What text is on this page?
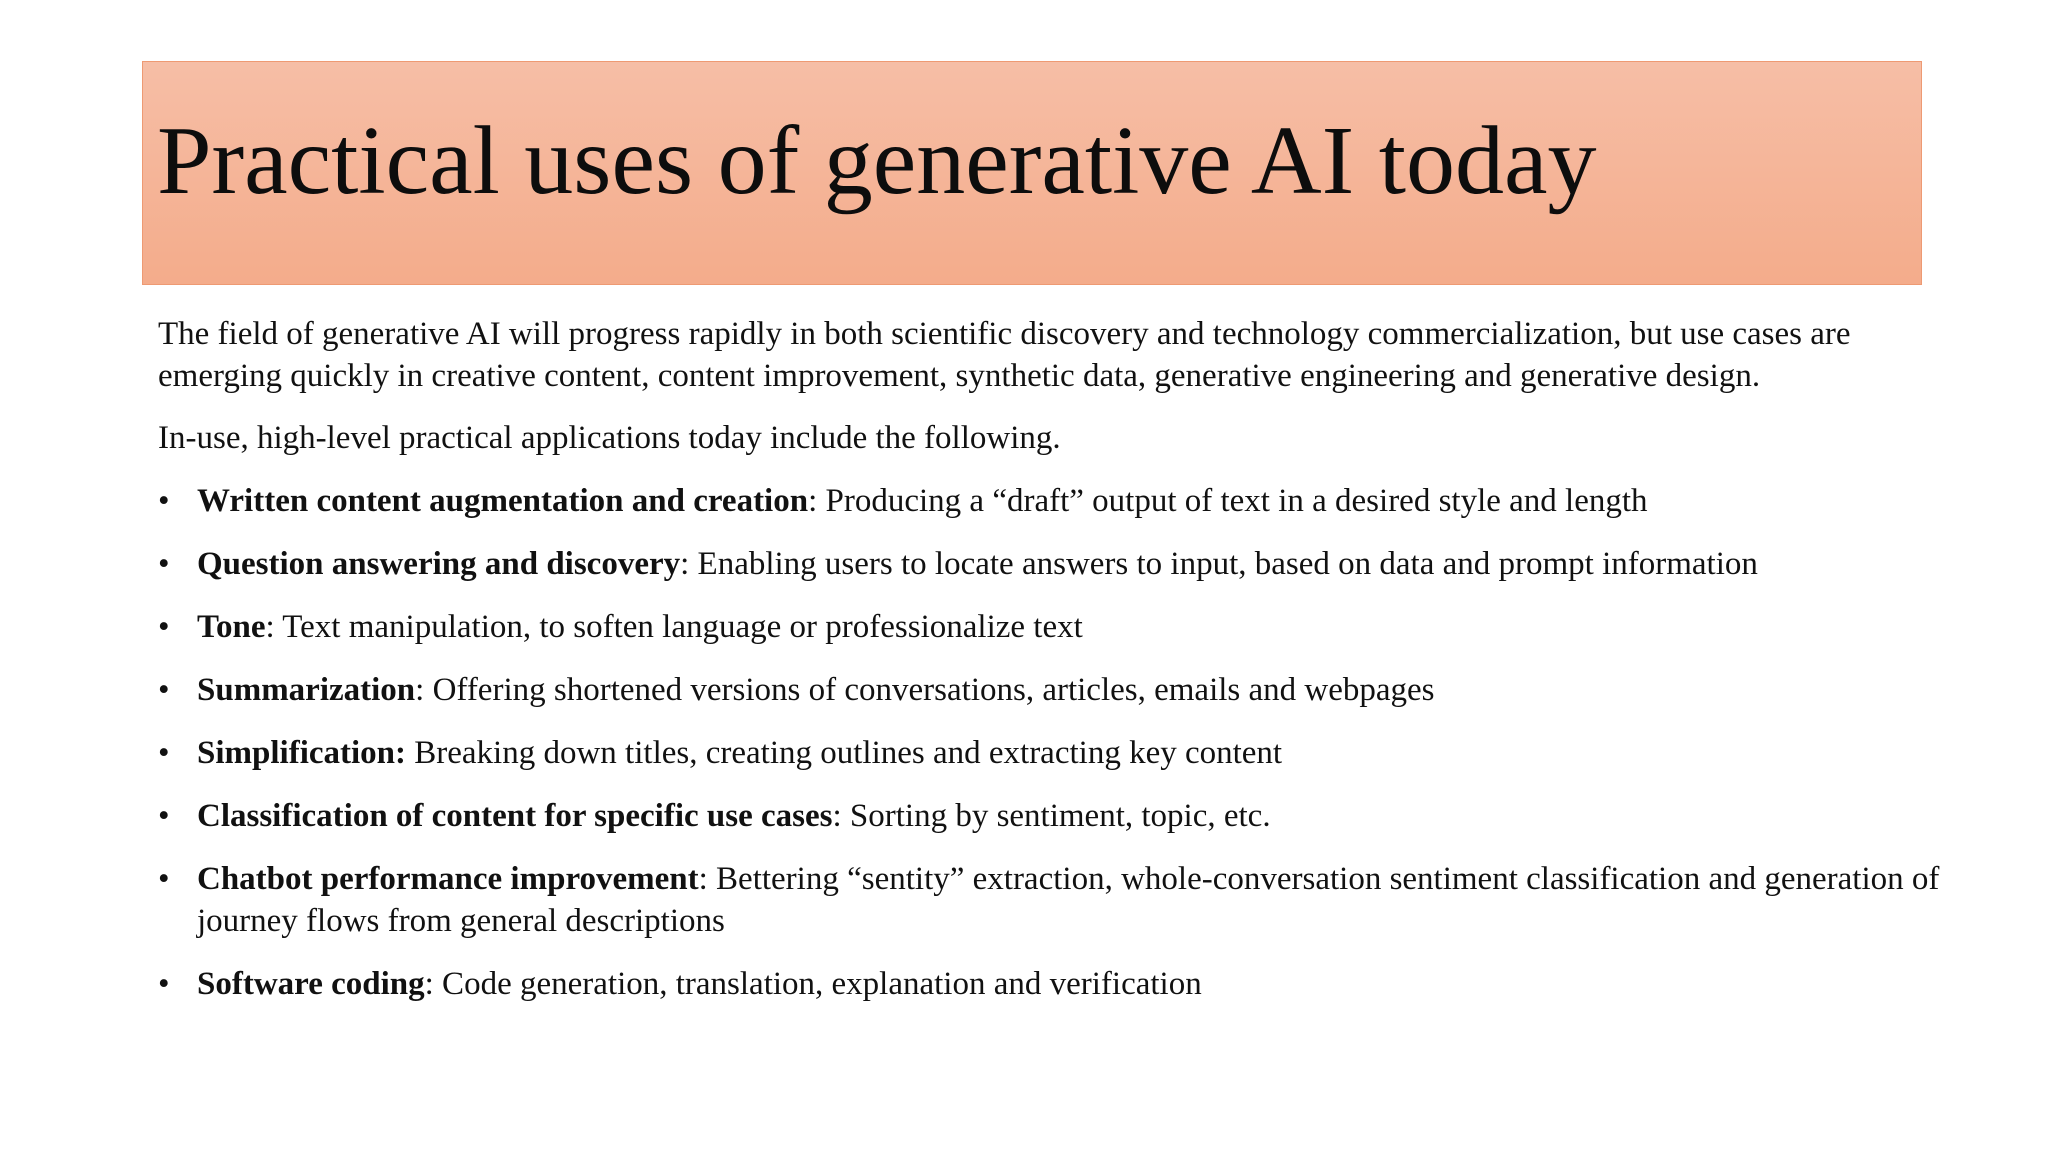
Practical uses of generative AI today

The field of generative AI will progress rapidly in both scientific discovery and technology commercialization, but use cases are emerging quickly in creative content, content improvement, synthetic data, generative engineering and generative design.

In-use, high-level practical applications today include the following.

• Written content augmentation and creation: Producing a “draft” output of text in a desired style and length
• Question answering and discovery: Enabling users to locate answers to input, based on data and prompt information
• Tone: Text manipulation, to soften language or professionalize text
• Summarization: Offering shortened versions of conversations, articles, emails and webpages
• Simplification: Breaking down titles, creating outlines and extracting key content
• Classification of content for specific use cases: Sorting by sentiment, topic, etc.
• Chatbot performance improvement: Bettering “sentity” extraction, whole-conversation sentiment classification and generation of journey flows from general descriptions
• Software coding: Code generation, translation, explanation and verification
